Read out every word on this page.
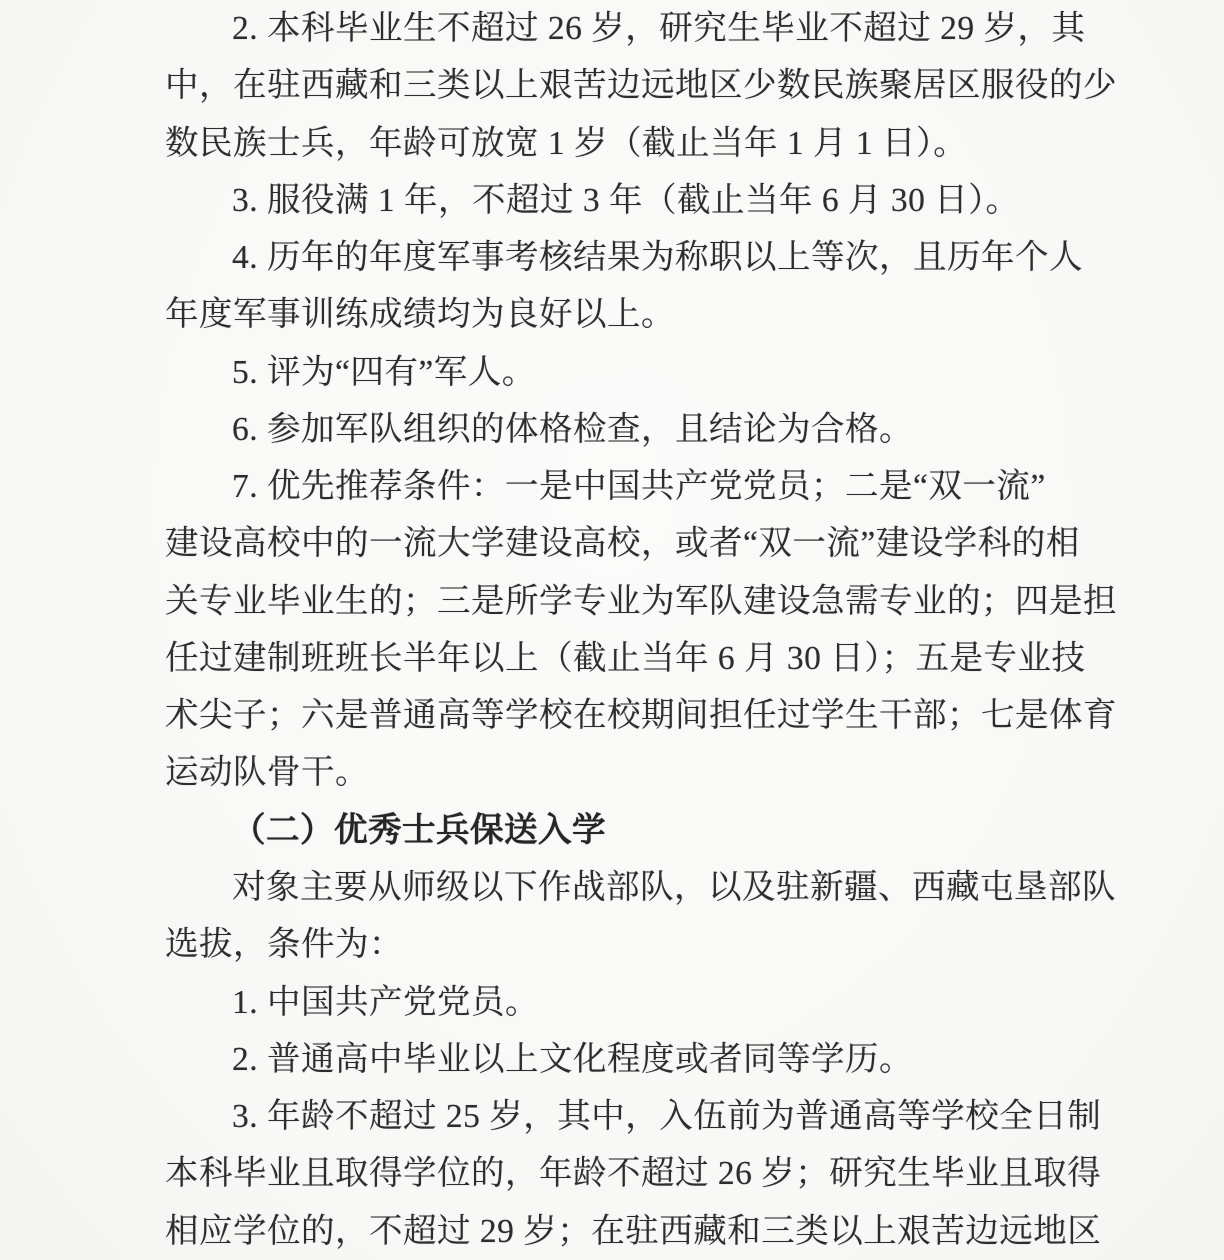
2. 本科毕业生不超过 26 岁，研究生毕业不超过 29 岁，其
中，在驻西藏和三类以上艰苦边远地区少数民族聚居区服役的少
数民族士兵，年龄可放宽 1 岁（截止当年 1 月 1 日）。
3. 服役满 1 年，不超过 3 年（截止当年 6 月 30 日）。
4. 历年的年度军事考核结果为称职以上等次，且历年个人
年度军事训练成绩均为良好以上。
5. 评为“四有”军人。
6. 参加军队组织的体格检查，且结论为合格。
7. 优先推荐条件：一是中国共产党党员；二是“双一流”
建设高校中的一流大学建设高校，或者“双一流”建设学科的相
关专业毕业生的；三是所学专业为军队建设急需专业的；四是担
任过建制班班长半年以上（截止当年 6 月 30 日）；五是专业技
术尖子；六是普通高等学校在校期间担任过学生干部；七是体育
运动队骨干。
（二）优秀士兵保送入学
对象主要从师级以下作战部队，以及驻新疆、西藏屯垦部队
选拔，条件为：
1. 中国共产党党员。
2. 普通高中毕业以上文化程度或者同等学历。
3. 年龄不超过 25 岁，其中，入伍前为普通高等学校全日制
本科毕业且取得学位的，年龄不超过 26 岁；研究生毕业且取得
相应学位的，不超过 29 岁；在驻西藏和三类以上艰苦边远地区
